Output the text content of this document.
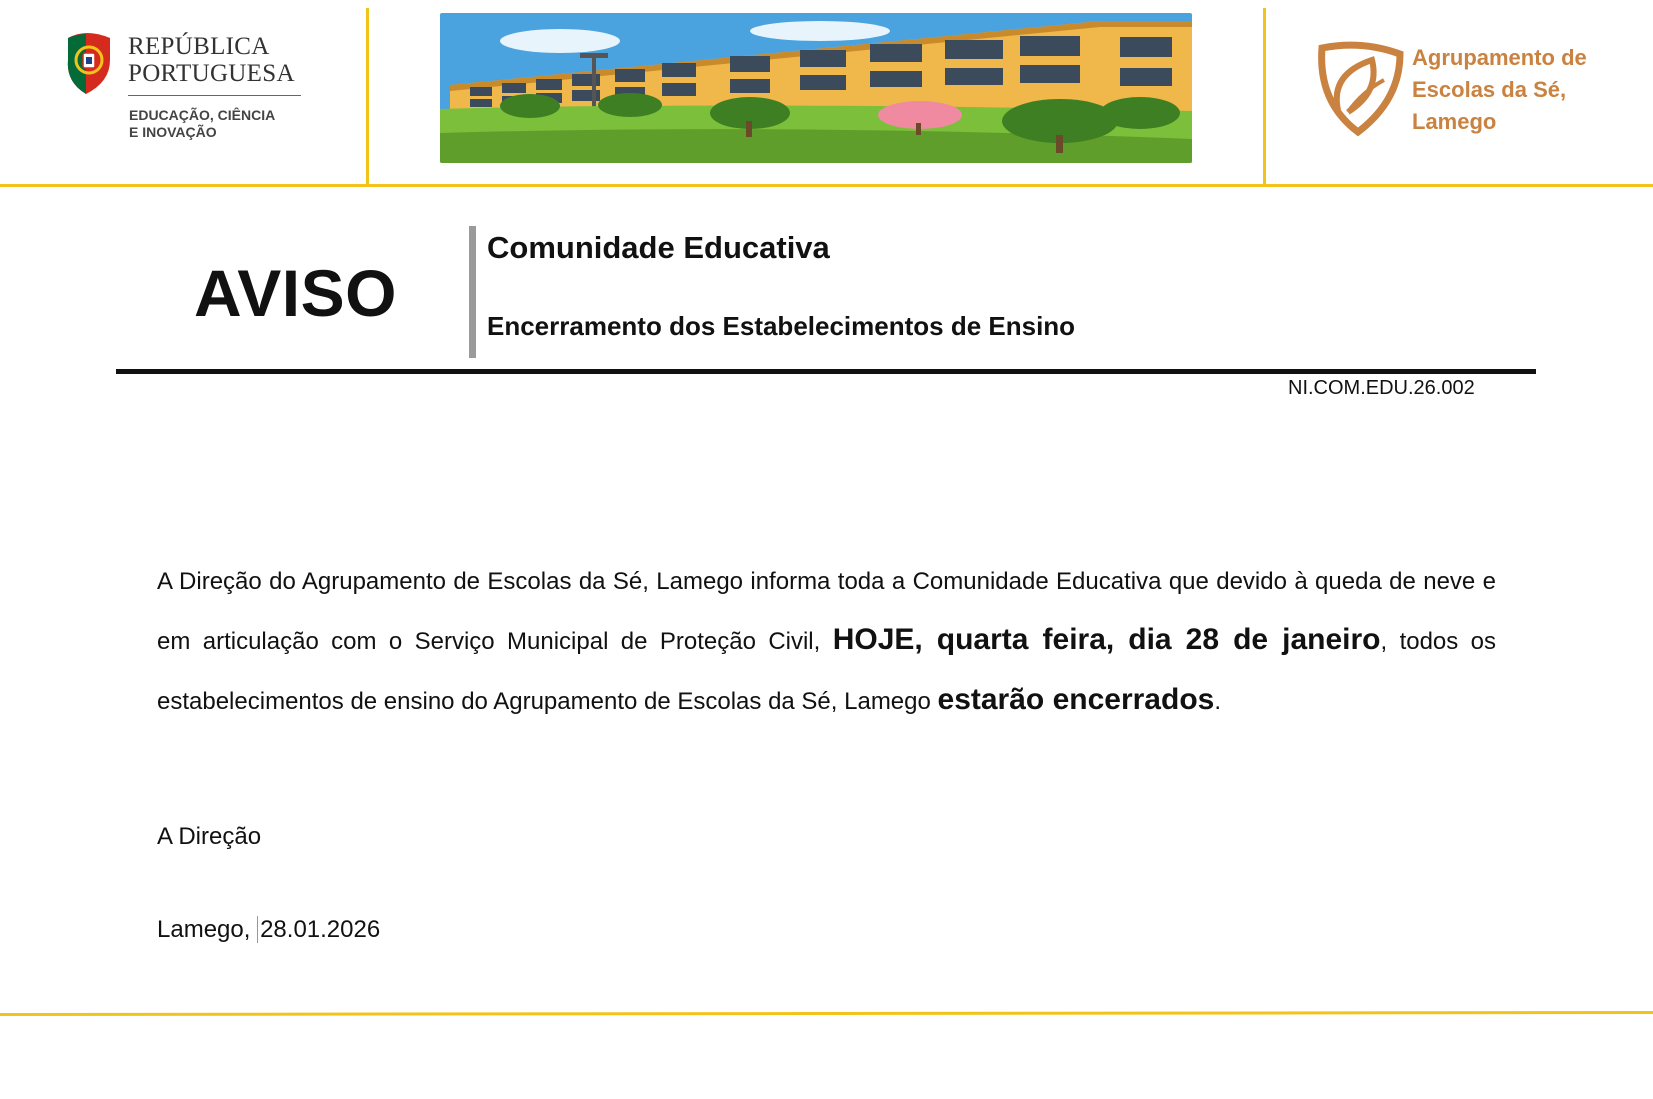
REPÚBLICA
PORTUGUESA
EDUCAÇÃO, CIÊNCIA
E INOVAÇÃO
Agrupamento de
Escolas da Sé,
Lamego
AVISO
Comunidade Educativa
Encerramento dos Estabelecimentos de Ensino
NI.COM.EDU.26.002
A Direção do Agrupamento de Escolas da Sé, Lamego informa toda a Comunidade Educativa que devido à queda de neve e em articulação com o Serviço Municipal de Proteção Civil, HOJE, quarta feira, dia 28 de janeiro, todos os estabelecimentos de ensino do Agrupamento de Escolas da Sé, Lamego estarão encerrados.
A Direção
Lamego, 28.01.2026
